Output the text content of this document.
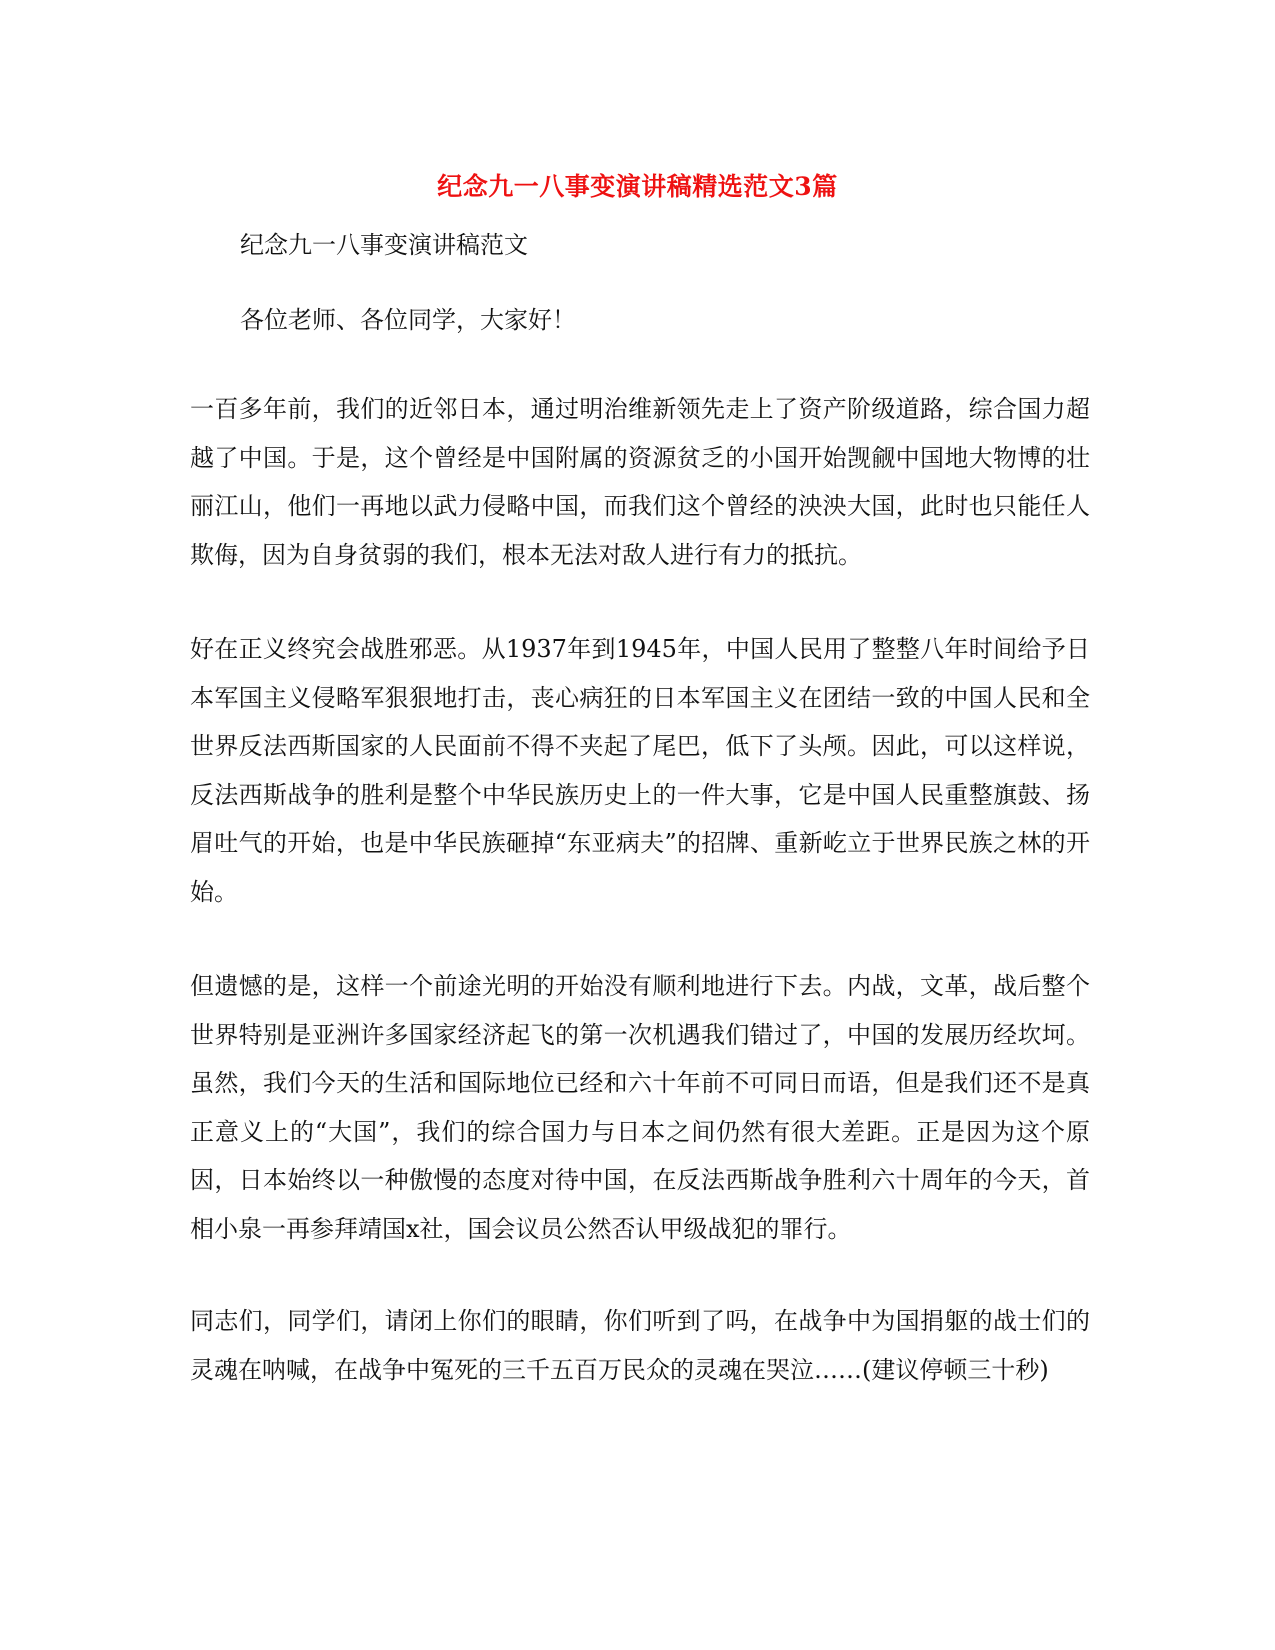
纪念九一八事变演讲稿精选范文3篇
纪念九一八事变演讲稿范文
各位老师、各位同学，大家好！

一百多年前，我们的近邻日本，通过明治维新领先走上了资产阶级道路，综合国力超越了中国。于是，这个曾经是中国附属的资源贫乏的小国开始觊觎中国地大物博的壮丽江山，他们一再地以武力侵略中国，而我们这个曾经的泱泱大国，此时也只能任人欺侮，因为自身贫弱的我们，根本无法对敌人进行有力的抵抗。

好在正义终究会战胜邪恶。从1937年到1945年，中国人民用了整整八年时间给予日本军国主义侵略军狠狠地打击，丧心病狂的日本军国主义在团结一致的中国人民和全世界反法西斯国家的人民面前不得不夹起了尾巴，低下了头颅。因此，可以这样说，反法西斯战争的胜利是整个中华民族历史上的一件大事，它是中国人民重整旗鼓、扬眉吐气的开始，也是中华民族砸掉“东亚病夫”的招牌、重新屹立于世界民族之林的开始。

但遗憾的是，这样一个前途光明的开始没有顺利地进行下去。内战，文革，战后整个世界特别是亚洲许多国家经济起飞的第一次机遇我们错过了，中国的发展历经坎坷。虽然，我们今天的生活和国际地位已经和六十年前不可同日而语，但是我们还不是真正意义上的“大国”，我们的综合国力与日本之间仍然有很大差距。正是因为这个原因，日本始终以一种傲慢的态度对待中国，在反法西斯战争胜利六十周年的今天，首相小泉一再参拜靖国x社，国会议员公然否认甲级战犯的罪行。

同志们，同学们，请闭上你们的眼睛，你们听到了吗，在战争中为国捐躯的战士们的灵魂在呐喊，在战争中冤死的三千五百万民众的灵魂在哭泣……(建议停顿三十秒)
